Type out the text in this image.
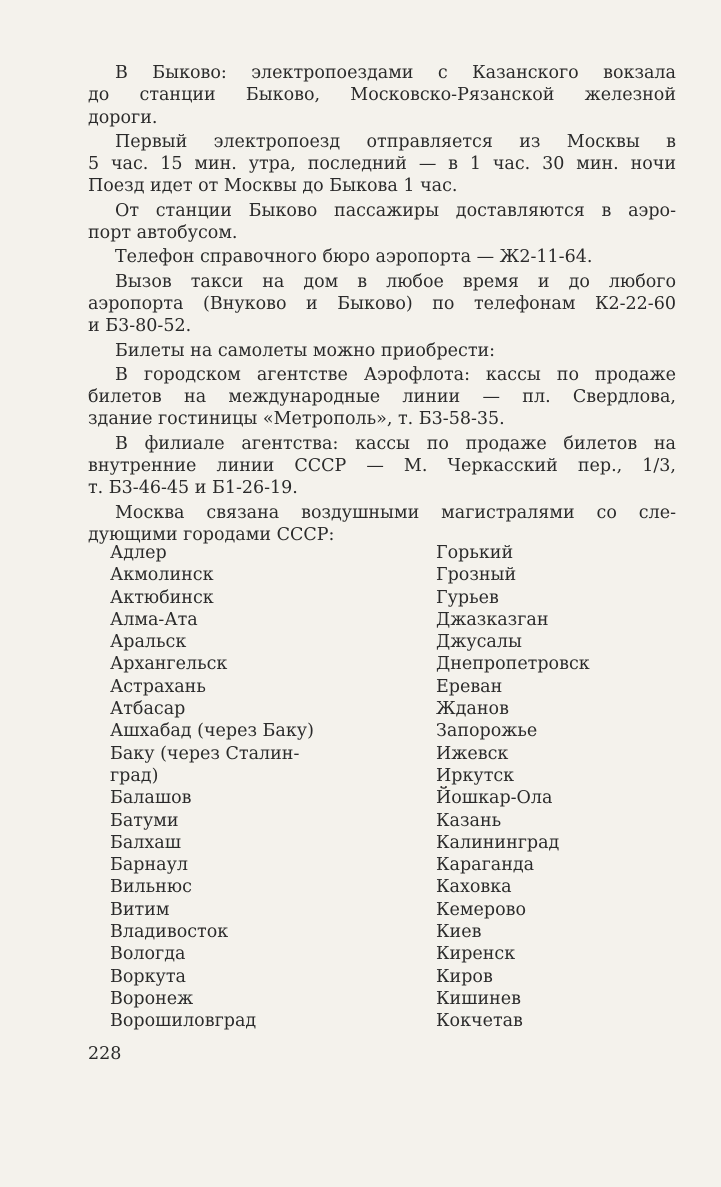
В Быково: электропоездами с Казанского вокзала
до станции Быково, Московско-Рязанской железной
дороги.
Первый электропоезд отправляется из Москвы в
5 час. 15 мин. утра, последний — в 1 час. 30 мин. ночи
Поезд идет от Москвы до Быкова 1 час.
От станции Быково пассажиры доставляются в аэро-
порт автобусом.
Телефон справочного бюро аэропорта — Ж2-11-64.
Вызов такси на дом в любое время и до любого
аэропорта (Внуково и Быково) по телефонам К2-22-60
и Б3-80-52.
Билеты на самолеты можно приобрести:
В городском агентстве Аэрофлота: кассы по продаже
билетов на международные линии — пл. Свердлова,
здание гостиницы «Метрополь», т. Б3-58-35.
В филиале агентства: кассы по продаже билетов на
внутренние линии СССР — М. Черкасский пер., 1/3,
т. Б3-46-45 и Б1-26-19.
Москва связана воздушными магистралями со сле-
дующими городами СССР:
Адлер
Акмолинск
Актюбинск
Алма-Ата
Аральск
Архангельск
Астрахань
Атбасар
Ашхабад (через Баку)
Баку (через Сталин-
град)
Балашов
Батуми
Балхаш
Барнаул
Вильнюс
Витим
Владивосток
Вологда
Воркута
Воронеж
Ворошиловград
Горький
Грозный
Гурьев
Джазказган
Джусалы
Днепропетровск
Ереван
Жданов
Запорожье
Ижевск
Иркутск
Йошкар-Ола
Казань
Калининград
Караганда
Каховка
Кемерово
Киев
Киренск
Киров
Кишинев
Кокчетав
228
